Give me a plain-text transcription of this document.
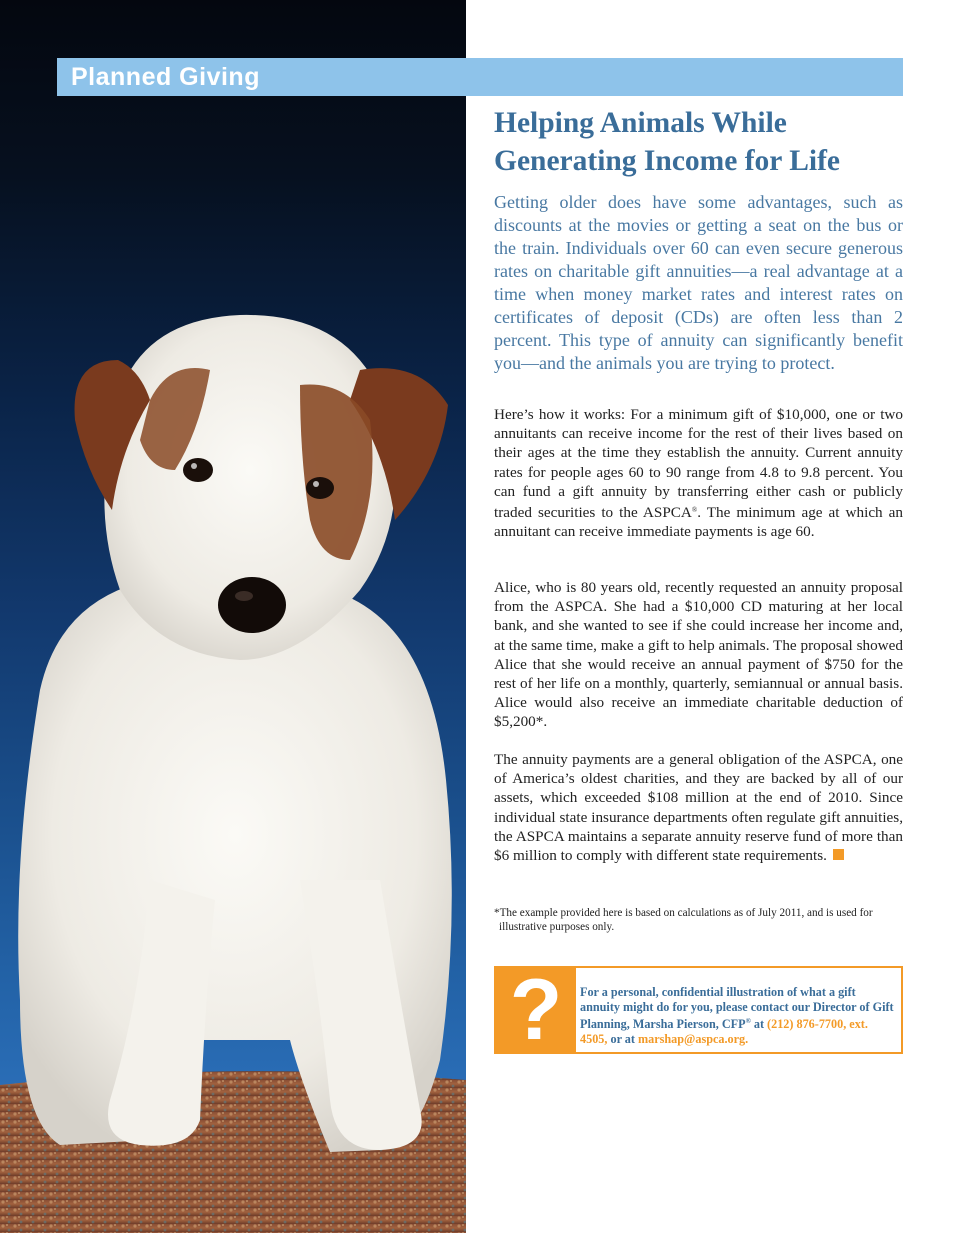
Planned Giving
Helping Animals While
Generating Income for Life

Getting older does have some advantages, such as discounts at the movies or getting a seat on the bus or the train. Individuals over 60 can even secure generous rates on charitable gift annuities—a real advantage at a time when money market rates and interest rates on certificates of deposit (CDs) are often less than 2 percent. This type of annuity can significantly benefit you—and the animals you are trying to protect.

Here’s how it works: For a minimum gift of $10,000, one or two annuitants can receive income for the rest of their lives based on their ages at the time they establish the annuity. Current annuity rates for people ages 60 to 90 range from 4.8 to 9.8 percent. You can fund a gift annuity by transferring either cash or publicly traded securities to the ASPCA®. The minimum age at which an annuitant can receive immediate payments is age 60.

Alice, who is 80 years old, recently requested an annuity proposal from the ASPCA. She had a $10,000 CD maturing at her local bank, and she wanted to see if she could increase her income and, at the same time, make a gift to help animals. The proposal showed Alice that she would receive an annual payment of $750 for the rest of her life on a monthly, quarterly, semiannual or annual basis. Alice would also receive an immediate charitable deduction of $5,200*.

The annuity payments are a general obligation of the ASPCA, one of America’s oldest charities, and they are backed by all of our assets, which exceeded $108 million at the end of 2010. Since individual state insurance departments often regulate gift annuities, the ASPCA maintains a separate annuity reserve fund of more than $6 million to comply with different state requirements.

*The example provided here is based on calculations as of July 2011, and is used for
illustrative purposes only.

?	For a personal, confidential illustration of what a gift annuity might do for you, please contact our Director of Gift Planning, Marsha Pierson, CFP® at (212) 876-7700, ext. 4505, or at marshap@aspca.org.
